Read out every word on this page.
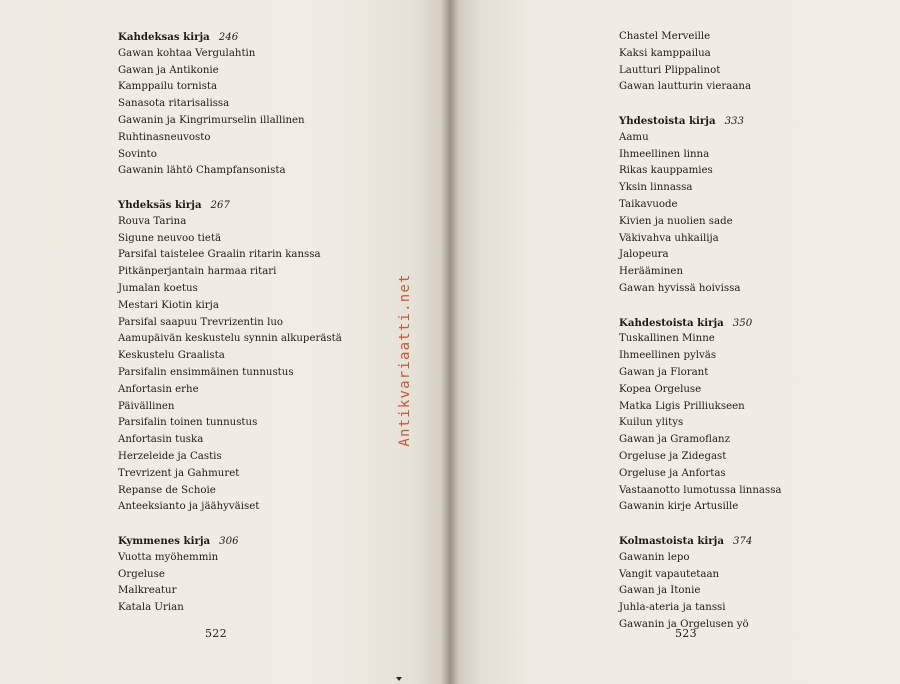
Kahdeksas kirja 246
Gawan kohtaa Vergulahtin
Gawan ja Antikonie
Kamppailu tornista
Sanasota ritarisalissa
Gawanin ja Kingrimurselin illallinen
Ruhtinasneuvosto
Sovinto
Gawanin lähtö Champfansonista
Yhdeksäs kirja 267
Rouva Tarina
Sigune neuvoo tietä
Parsifal taistelee Graalin ritarin kanssa
Pitkänperjantain harmaa ritari
Jumalan koetus
Mestari Kiotin kirja
Parsifal saapuu Trevrizentin luo
Aamupäivän keskustelu synnin alkuperästä
Keskustelu Graalista
Parsifalin ensimmäinen tunnustus
Anfortasin erhe
Päivällinen
Parsifalin toinen tunnustus
Anfortasin tuska
Herzeleide ja Castis
Trevrizent ja Gahmuret
Repanse de Schoie
Anteeksianto ja jäähyväiset
Kymmenes kirja 306
Vuotta myöhemmin
Orgeluse
Malkreatur
Katala Urian
522
Chastel Merveille
Kaksi kamppailua
Lautturi Plippalinot
Gawan lautturin vieraana
Yhdestoista kirja 333
Aamu
Ihmeellinen linna
Rikas kauppamies
Yksin linnassa
Taikavuode
Kivien ja nuolien sade
Väkivahva uhkailija
Jalopeura
Herääminen
Gawan hyvissä hoivissa
Kahdestoista kirja 350
Tuskallinen Minne
Ihmeellinen pylväs
Gawan ja Florant
Kopea Orgeluse
Matka Ligis Prilliukseen
Kuilun ylitys
Gawan ja Gramoflanz
Orgeluse ja Zidegast
Orgeluse ja Anfortas
Vastaanotto lumotussa linnassa
Gawanin kirje Artusille
Kolmastoista kirja 374
Gawanin lepo
Vangit vapautetaan
Gawan ja Itonie
Juhla-ateria ja tanssi
Gawanin ja Orgelusen yö
523
Antikvariaatti.net
